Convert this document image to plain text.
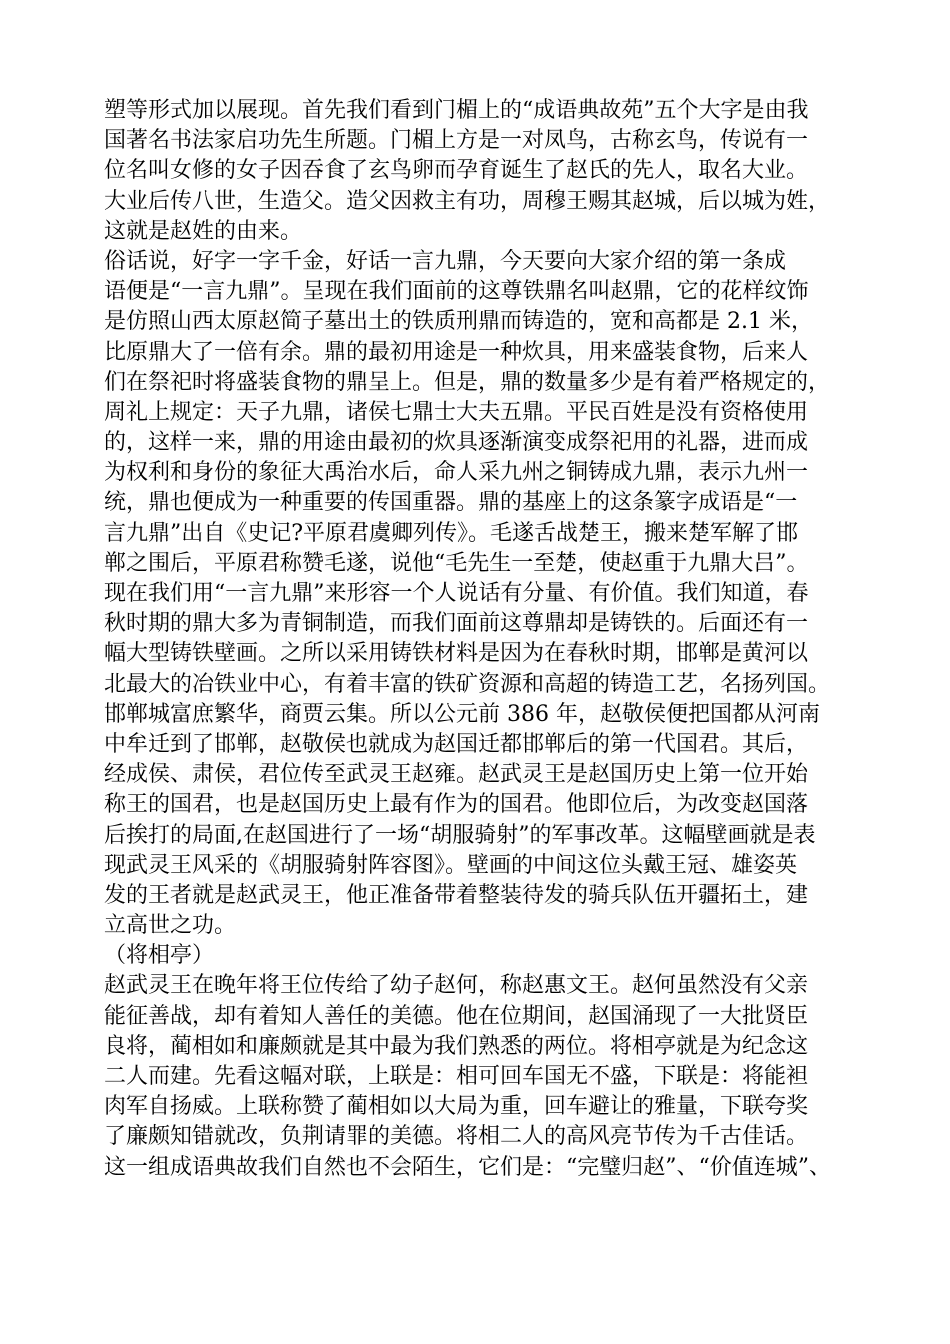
塑等形式加以展现。首先我们看到门楣上的“成语典故苑”五个大字是由我
国著名书法家启功先生所题。门楣上方是一对凤鸟，古称玄鸟，传说有一
位名叫女修的女子因吞食了玄鸟卵而孕育诞生了赵氏的先人，取名大业。
大业后传八世，生造父。造父因救主有功，周穆王赐其赵城，后以城为姓，
这就是赵姓的由来。
俗话说，好字一字千金，好话一言九鼎，今天要向大家介绍的第一条成
语便是“一言九鼎”。呈现在我们面前的这尊铁鼎名叫赵鼎，它的花样纹饰
是仿照山西太原赵简子墓出土的铁质刑鼎而铸造的，宽和高都是 2.1 米，
比原鼎大了一倍有余。鼎的最初用途是一种炊具，用来盛装食物，后来人
们在祭祀时将盛装食物的鼎呈上。但是，鼎的数量多少是有着严格规定的，
周礼上规定：天子九鼎，诸侯七鼎士大夫五鼎。平民百姓是没有资格使用
的，这样一来，鼎的用途由最初的炊具逐渐演变成祭祀用的礼器，进而成
为权利和身份的象征大禹治水后，命人采九州之铜铸成九鼎，表示九州一
统，鼎也便成为一种重要的传国重器。鼎的基座上的这条篆字成语是“一
言九鼎”出自《史记?平原君虞卿列传》。毛遂舌战楚王，搬来楚军解了邯
郸之围后，平原君称赞毛遂，说他“毛先生一至楚，使赵重于九鼎大吕”。
现在我们用“一言九鼎”来形容一个人说话有分量、有价值。我们知道，春
秋时期的鼎大多为青铜制造，而我们面前这尊鼎却是铸铁的。后面还有一
幅大型铸铁壁画。之所以采用铸铁材料是因为在春秋时期，邯郸是黄河以
北最大的冶铁业中心，有着丰富的铁矿资源和高超的铸造工艺，名扬列国。
邯郸城富庶繁华，商贾云集。所以公元前 386 年，赵敬侯便把国都从河南
中牟迁到了邯郸，赵敬侯也就成为赵国迁都邯郸后的第一代国君。其后，
经成侯、肃侯，君位传至武灵王赵雍。赵武灵王是赵国历史上第一位开始
称王的国君，也是赵国历史上最有作为的国君。他即位后，为改变赵国落
后挨打的局面,在赵国进行了一场“胡服骑射”的军事改革。这幅壁画就是表
现武灵王风采的《胡服骑射阵容图》。壁画的中间这位头戴王冠、雄姿英
发的王者就是赵武灵王，他正准备带着整装待发的骑兵队伍开疆拓土，建
立高世之功。
（将相亭）
赵武灵王在晚年将王位传给了幼子赵何，称赵惠文王。赵何虽然没有父亲
能征善战，却有着知人善任的美德。他在位期间，赵国涌现了一大批贤臣
良将，蔺相如和廉颇就是其中最为我们熟悉的两位。将相亭就是为纪念这
二人而建。先看这幅对联，上联是：相可回车国无不盛，下联是：将能袒
肉军自扬威。上联称赞了蔺相如以大局为重，回车避让的雅量，下联夸奖
了廉颇知错就改，负荆请罪的美德。将相二人的高风亮节传为千古佳话。
这一组成语典故我们自然也不会陌生，它们是：“完璧归赵”、“价值连城”、
